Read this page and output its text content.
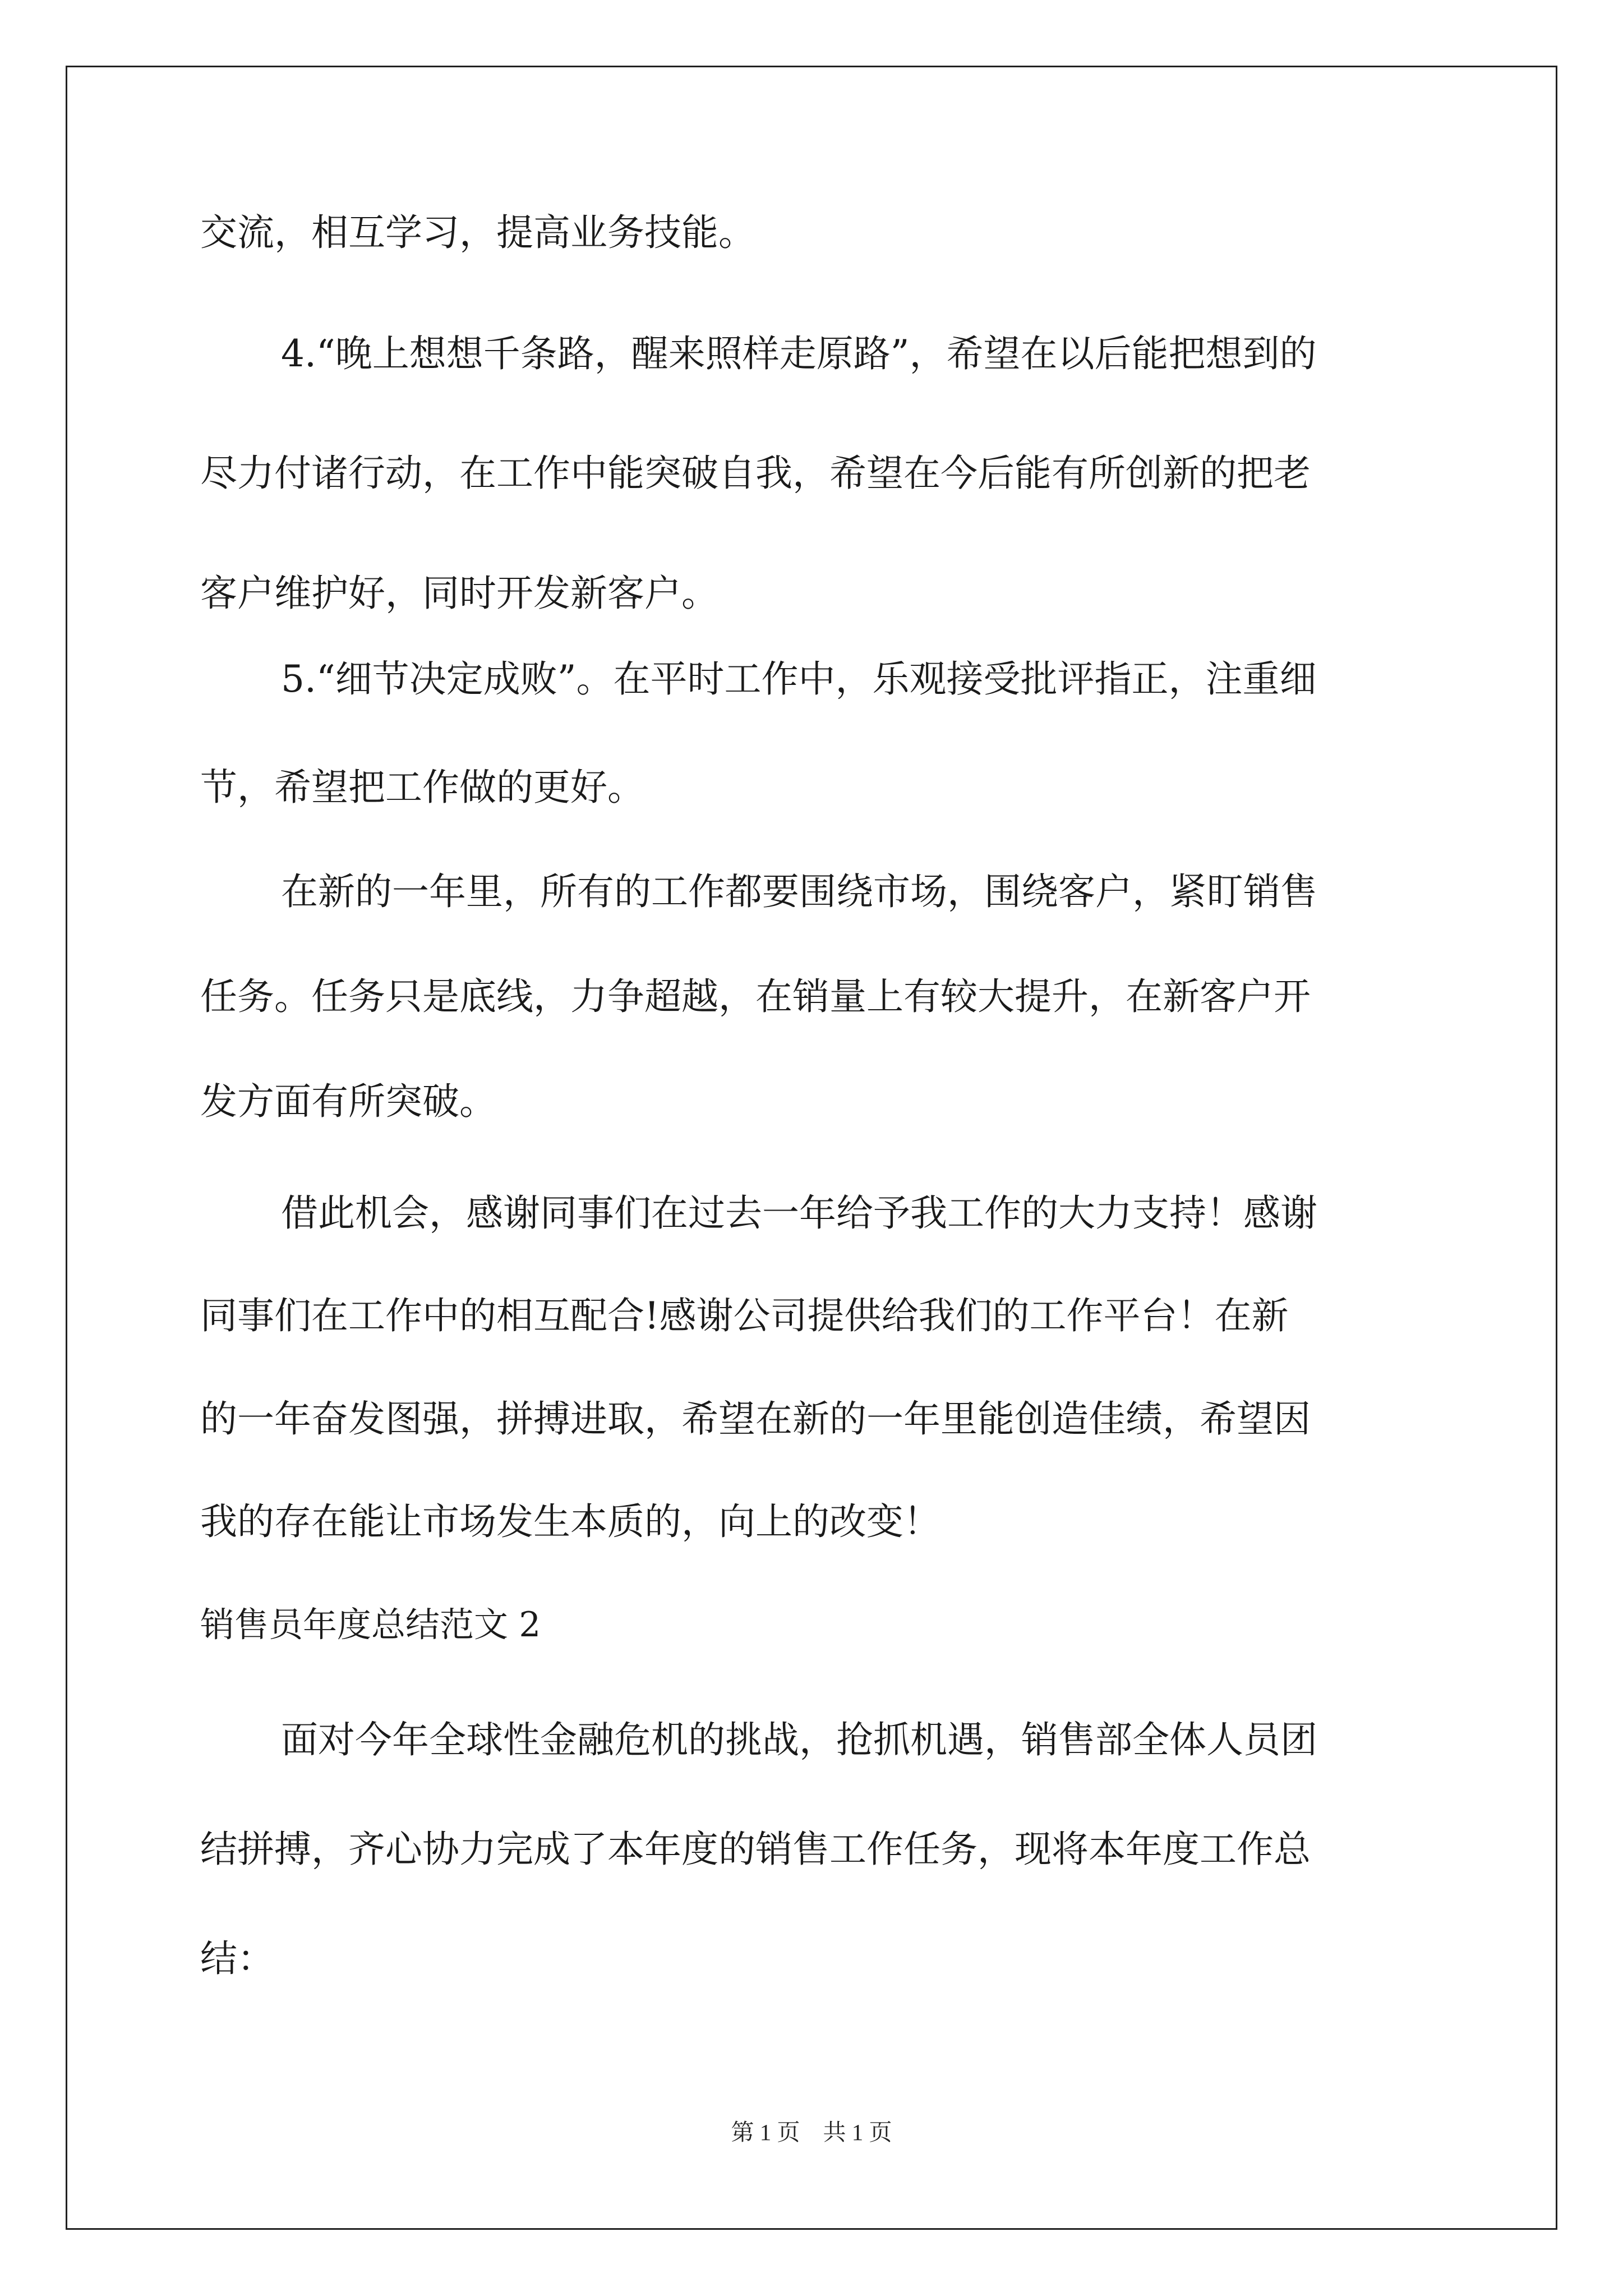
交流，相互学习，提高业务技能。
4.“晚上想想千条路，醒来照样走原路”，希望在以后能把想到的
尽力付诸行动，在工作中能突破自我，希望在今后能有所创新的把老
客户维护好，同时开发新客户。
5.“细节决定成败”。在平时工作中，乐观接受批评指正，注重细
节，希望把工作做的更好。
在新的一年里，所有的工作都要围绕市场，围绕客户，紧盯销售
任务。任务只是底线，力争超越，在销量上有较大提升，在新客户开
发方面有所突破。
借此机会，感谢同事们在过去一年给予我工作的大力支持！感谢
同事们在工作中的相互配合!感谢公司提供给我们的工作平台！在新
的一年奋发图强，拼搏进取，希望在新的一年里能创造佳绩，希望因
我的存在能让市场发生本质的，向上的改变！
销售员年度总结范文 2
面对今年全球性金融危机的挑战，抢抓机遇，销售部全体人员团
结拼搏，齐心协力完成了本年度的销售工作任务，现将本年度工作总
结：
第 1 页　共 1 页
